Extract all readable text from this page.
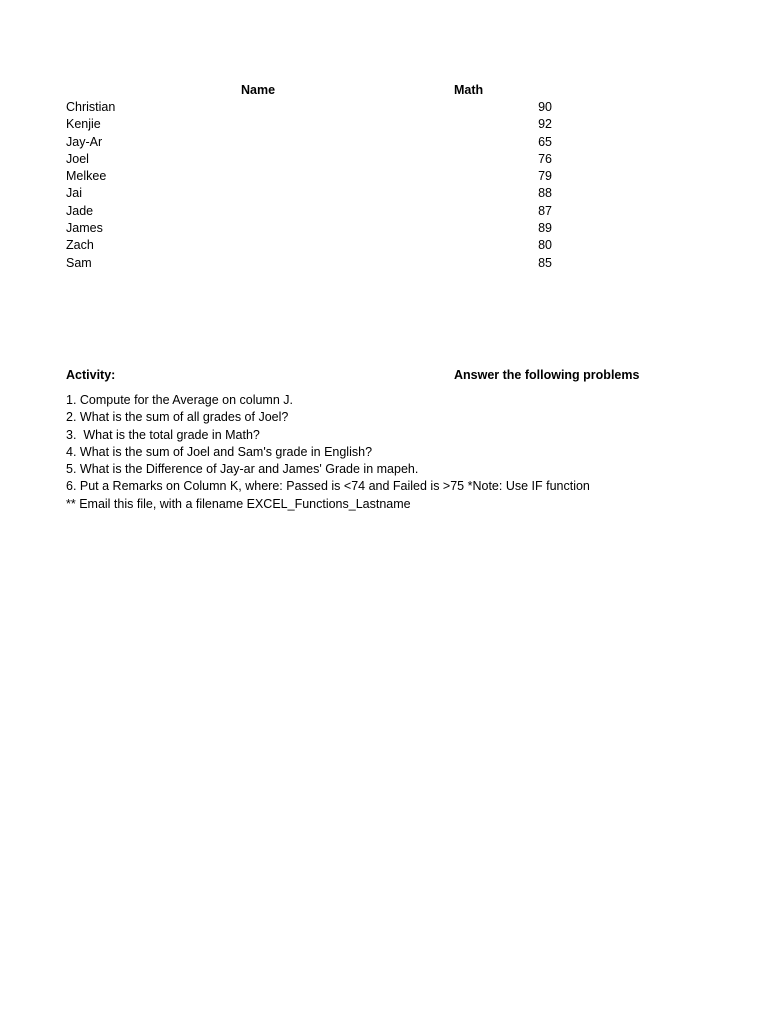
Name	Math
Christian	90
Kenjie	92
Jay-Ar	65
Joel	76
Melkee	79
Jai	88
Jade	87
James	89
Zach	80
Sam	85
Activity:	Answer the following problems
1. Compute for the Average on column J.
2. What is the sum of all grades of Joel?
3.  What is the total grade in Math?
4. What is the sum of Joel and Sam's grade in English?
5. What is the Difference of Jay-ar and James' Grade in mapeh.
6. Put a Remarks on Column K, where: Passed is <74 and Failed is >75 *Note: Use IF function
** Email this file, with a filename EXCEL_Functions_Lastname
